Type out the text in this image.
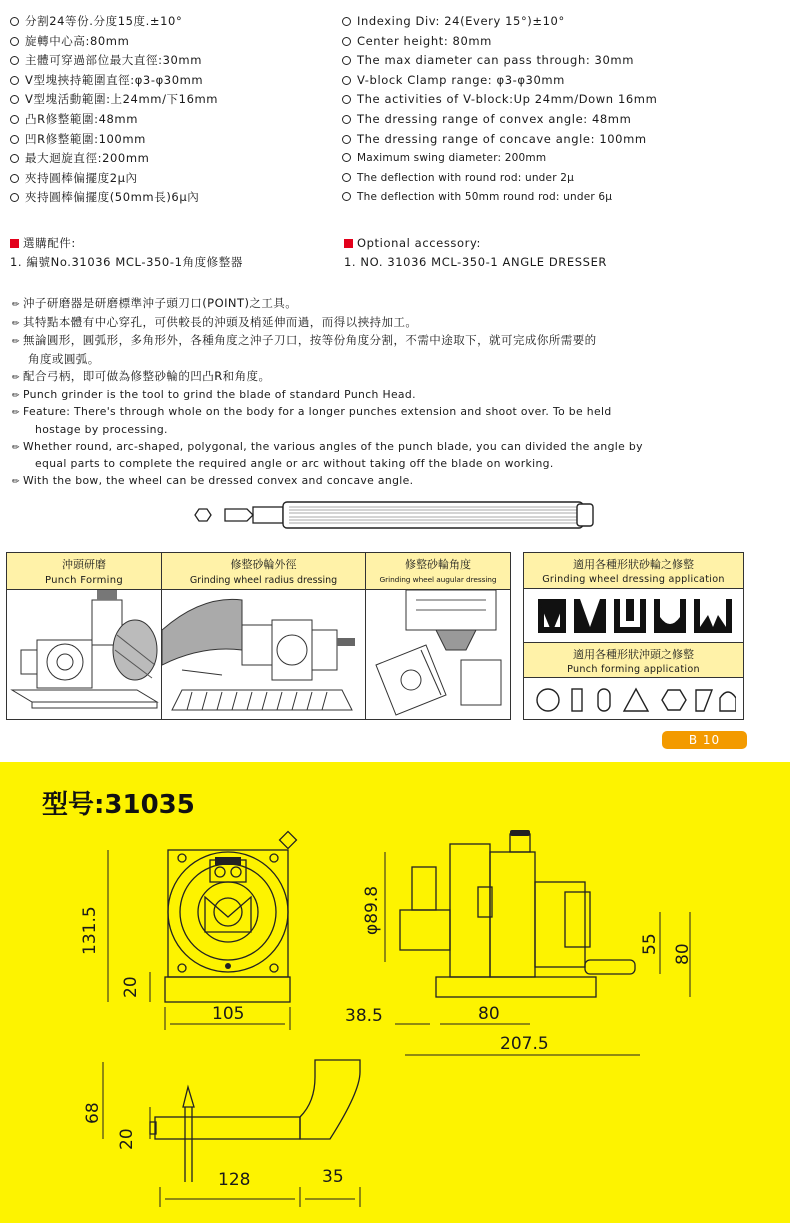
分割24等份.分度15度.±10°
旋轉中心高:80mm
主體可穿過部位最大直徑:30mm
V型塊挾持範圍直徑:φ3-φ30mm
V型塊活動範圍:上24mm/下16mm
凸R修整範圍:48mm
凹R修整範圍:100mm
最大迴旋直徑:200mm
夾持圓棒偏擺度2μ內
夾持圓棒偏擺度(50mm長)6μ內
Indexing Div: 24(Every 15°)±10°
Center height: 80mm
The max diameter can pass through: 30mm
V-block Clamp range: φ3-φ30mm
The activities of V-block:Up 24mm/Down 16mm
The dressing range of convex angle: 48mm
The dressing range of concave angle: 100mm
Maximum swing diameter: 200mm
The deflection with round rod: under 2μ
The deflection with 50mm round rod: under 6μ
選購配件:
1. 編號No.31036 MCL-350-1角度修整器
Optional accessory:
1. NO. 31036 MCL-350-1 ANGLE DRESSER
✏ 沖子研磨器是研磨標準沖子頭刀口(POINT)之工具。
✏ 其特點本體有中心穿孔，可供較長的沖頭及梢延伸而過，而得以挾持加工。
✏ 無論圓形，圓弧形，多角形外，各種角度之沖子刀口，按等份角度分割，不需中途取下，就可完成你所需要的
角度或圓弧。
✏ 配合弓柄，即可做為修整砂輪的凹凸R和角度。
✏ Punch grinder is the tool to grind the blade of standard Punch Head.
✏ Feature: There's through whole on the body for a longer punches extension and shoot over. To be held
hostage by processing.
✏ Whether round, arc-shaped, polygonal, the various angles of the punch blade, you can divided the angle by
equal parts to complete the required angle or arc without taking off the blade on working.
✏ With the bow, the wheel can be dressed convex and concave angle.
沖頭研磨
Punch Forming
修整砂輪外徑
Grinding wheel radius dressing
修整砂輪角度
Grinding wheel augular dressing
適用各種形狀砂輪之修整
Grinding wheel dressing application
適用各種形狀沖頭之修整
Punch forming application
B 10
型号:31035
131.5
20
105
φ89.8
55 80
38.5	80
207.5
68
20
128	35
